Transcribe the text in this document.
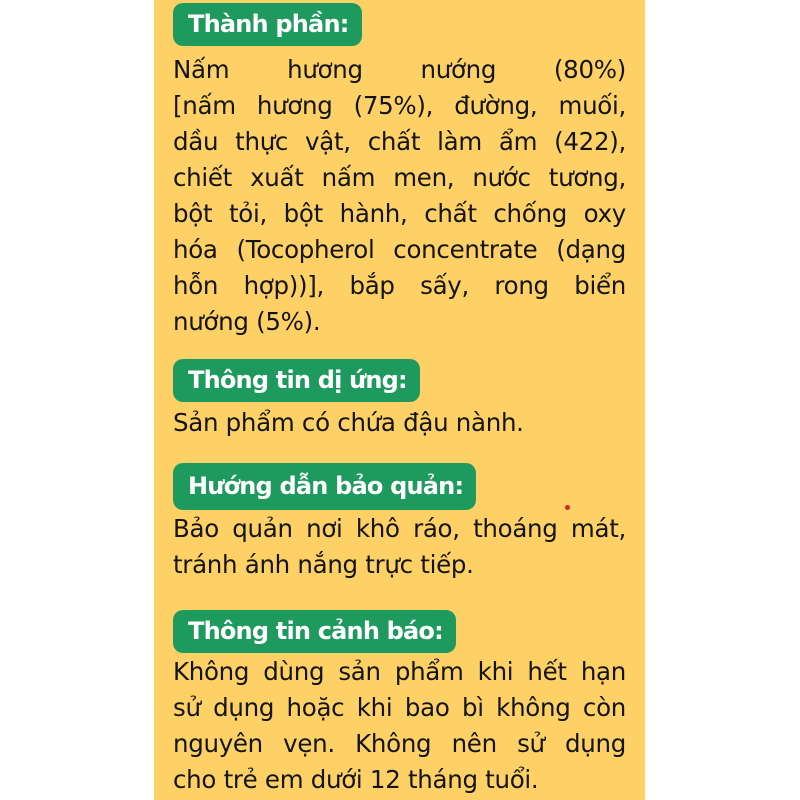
Thành phần:
Nấm hương nướng (80%)
[nấm hương (75%), đường, muối,
dầu thực vật, chất làm ẩm (422),
chiết xuất nấm men, nước tương,
bột tỏi, bột hành, chất chống oxy
hóa (Tocopherol concentrate (dạng
hỗn hợp))], bắp sấy, rong biển
nướng (5%).
Thông tin dị ứng:
Sản phẩm có chứa đậu nành.
Hướng dẫn bảo quản:
Bảo quản nơi khô ráo, thoáng mát,
tránh ánh nắng trực tiếp.
Thông tin cảnh báo:
Không dùng sản phẩm khi hết hạn
sử dụng hoặc khi bao bì không còn
nguyên vẹn. Không nên sử dụng
cho trẻ em dưới 12 tháng tuổi.
